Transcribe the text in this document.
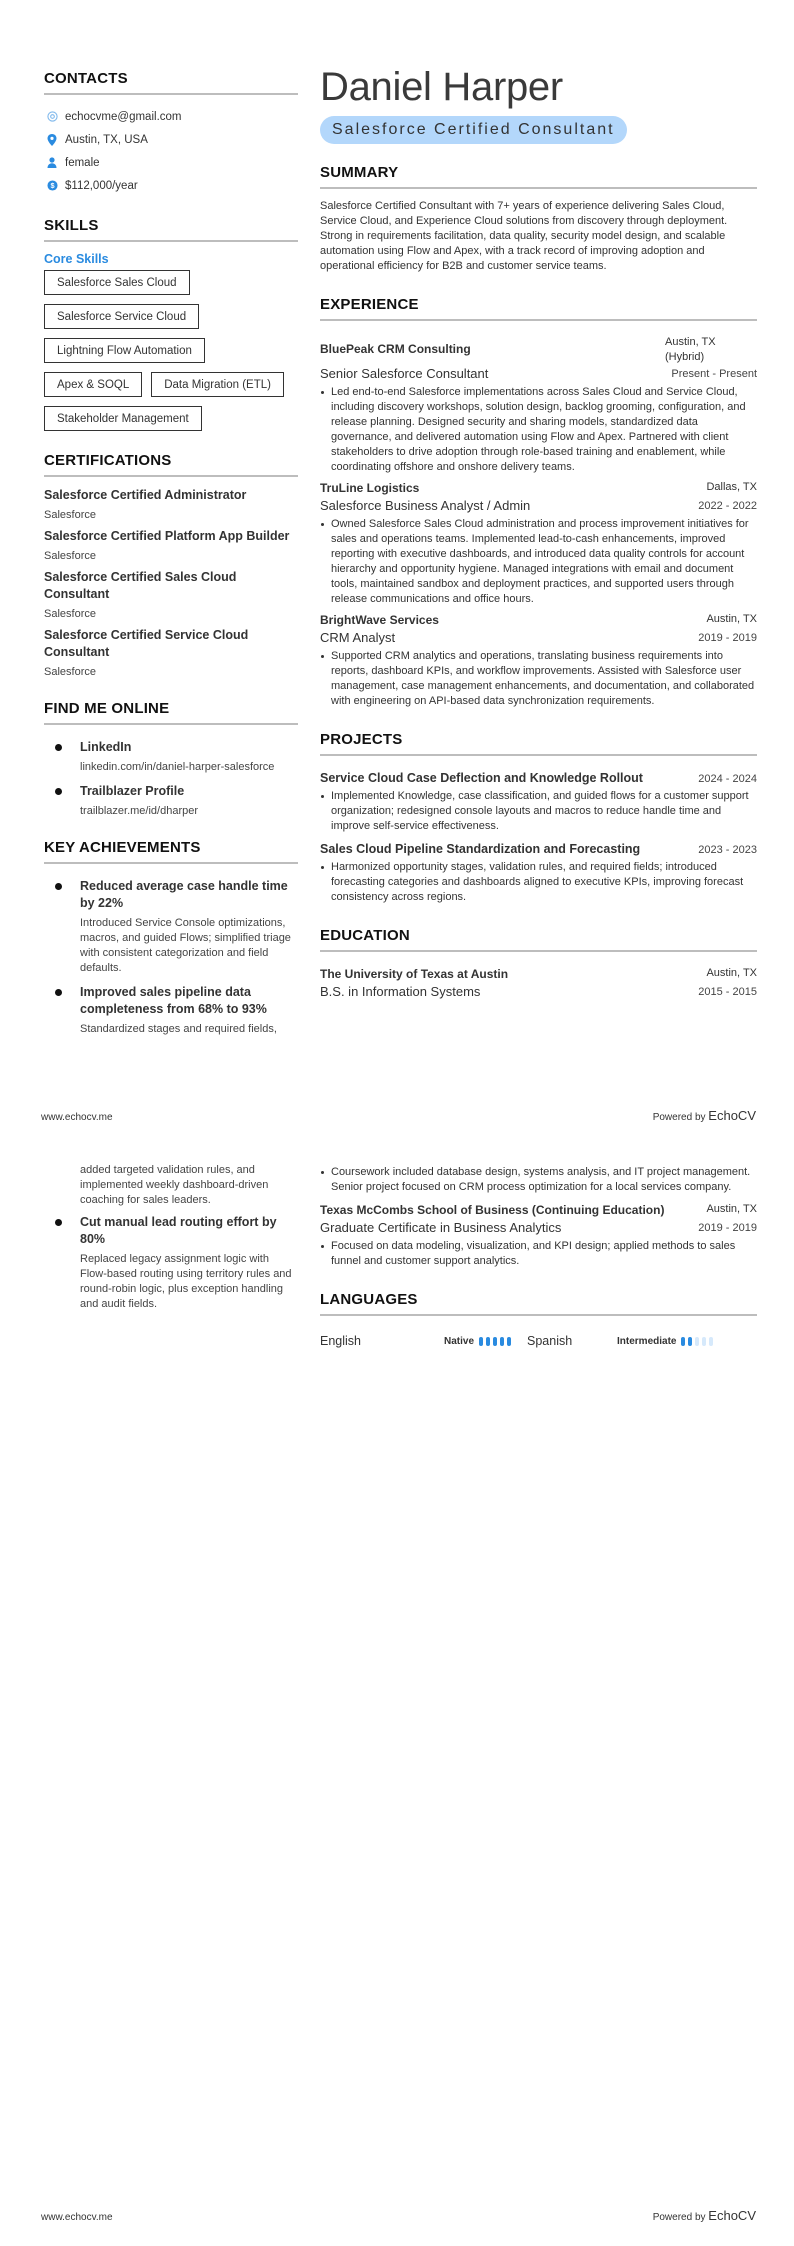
CONTACTS
echocvme@gmail.com
Austin, TX, USA
female
$ $112,000/year
SKILLS
Core Skills
Salesforce Sales Cloud
Salesforce Service Cloud
Lightning Flow Automation
Apex & SOQL	Data Migration (ETL)
Stakeholder Management
CERTIFICATIONS
Salesforce Certified Administrator
Salesforce
Salesforce Certified Platform App Builder
Salesforce
Salesforce Certified Sales Cloud Consultant
Salesforce
Salesforce Certified Service Cloud Consultant
Salesforce
FIND ME ONLINE
LinkedIn
linkedin.com/in/daniel-harper-salesforce
Trailblazer Profile
trailblazer.me/id/dharper
KEY ACHIEVEMENTS
Reduced average case handle time by 22%
Introduced Service Console optimizations, macros, and guided Flows; simplified triage with consistent categorization and field defaults.
Improved sales pipeline data completeness from 68% to 93%
Standardized stages and required fields,
Daniel Harper
Salesforce Certified Consultant
SUMMARY

Salesforce Certified Consultant with 7+ years of experience delivering Sales Cloud, Service Cloud, and Experience Cloud solutions from discovery through deployment. Strong in requirements facilitation, data quality, security model design, and scalable automation using Flow and Apex, with a track record of improving adoption and operational efficiency for B2B and customer service teams.

EXPERIENCE
BluePeak CRM Consulting	Austin, TX (Hybrid)
Senior Salesforce Consultant	Present - Present
Led end-to-end Salesforce implementations across Sales Cloud and Service Cloud, including discovery workshops, solution design, backlog grooming, configuration, and release planning. Designed security and sharing models, standardized data governance, and delivered automation using Flow and Apex. Partnered with client stakeholders to drive adoption through role-based training and enablement, while coordinating offshore and onshore delivery teams.
TruLine Logistics	Dallas, TX
Salesforce Business Analyst / Admin	2022 - 2022
Owned Salesforce Sales Cloud administration and process improvement initiatives for sales and operations teams. Implemented lead-to-cash enhancements, improved reporting with executive dashboards, and introduced data quality controls for account hierarchy and opportunity hygiene. Managed integrations with email and document tools, maintained sandbox and deployment practices, and supported users through release communications and office hours.
BrightWave Services	Austin, TX
CRM Analyst	2019 - 2019
Supported CRM analytics and operations, translating business requirements into reports, dashboard KPIs, and workflow improvements. Assisted with Salesforce user management, case management enhancements, and documentation, and collaborated with engineering on API-based data synchronization requirements.
PROJECTS
Service Cloud Case Deflection and Knowledge Rollout	2024 - 2024
Implemented Knowledge, case classification, and guided flows for a customer support organization; redesigned console layouts and macros to reduce handle time and improve self-service effectiveness.
Sales Cloud Pipeline Standardization and Forecasting	2023 - 2023
Harmonized opportunity stages, validation rules, and required fields; introduced forecasting categories and dashboards aligned to executive KPIs, improving forecast consistency across regions.
EDUCATION
The University of Texas at Austin	Austin, TX
B.S. in Information Systems	2015 - 2015
www.echocv.me	Powered by EchoCV
added targeted validation rules, and implemented weekly dashboard-driven coaching for sales leaders.
Cut manual lead routing effort by 80%
Replaced legacy assignment logic with Flow-based routing using territory rules and round-robin logic, plus exception handling and audit fields.
Coursework included database design, systems analysis, and IT project management. Senior project focused on CRM process optimization for a local services company.
Texas McCombs School of Business (Continuing Education)	Austin, TX
Graduate Certificate in Business Analytics	2019 - 2019
Focused on data modeling, visualization, and KPI design; applied methods to sales funnel and customer support analytics.
LANGUAGES
English	Native	Spanish	Intermediate
www.echocv.me	Powered by EchoCV
